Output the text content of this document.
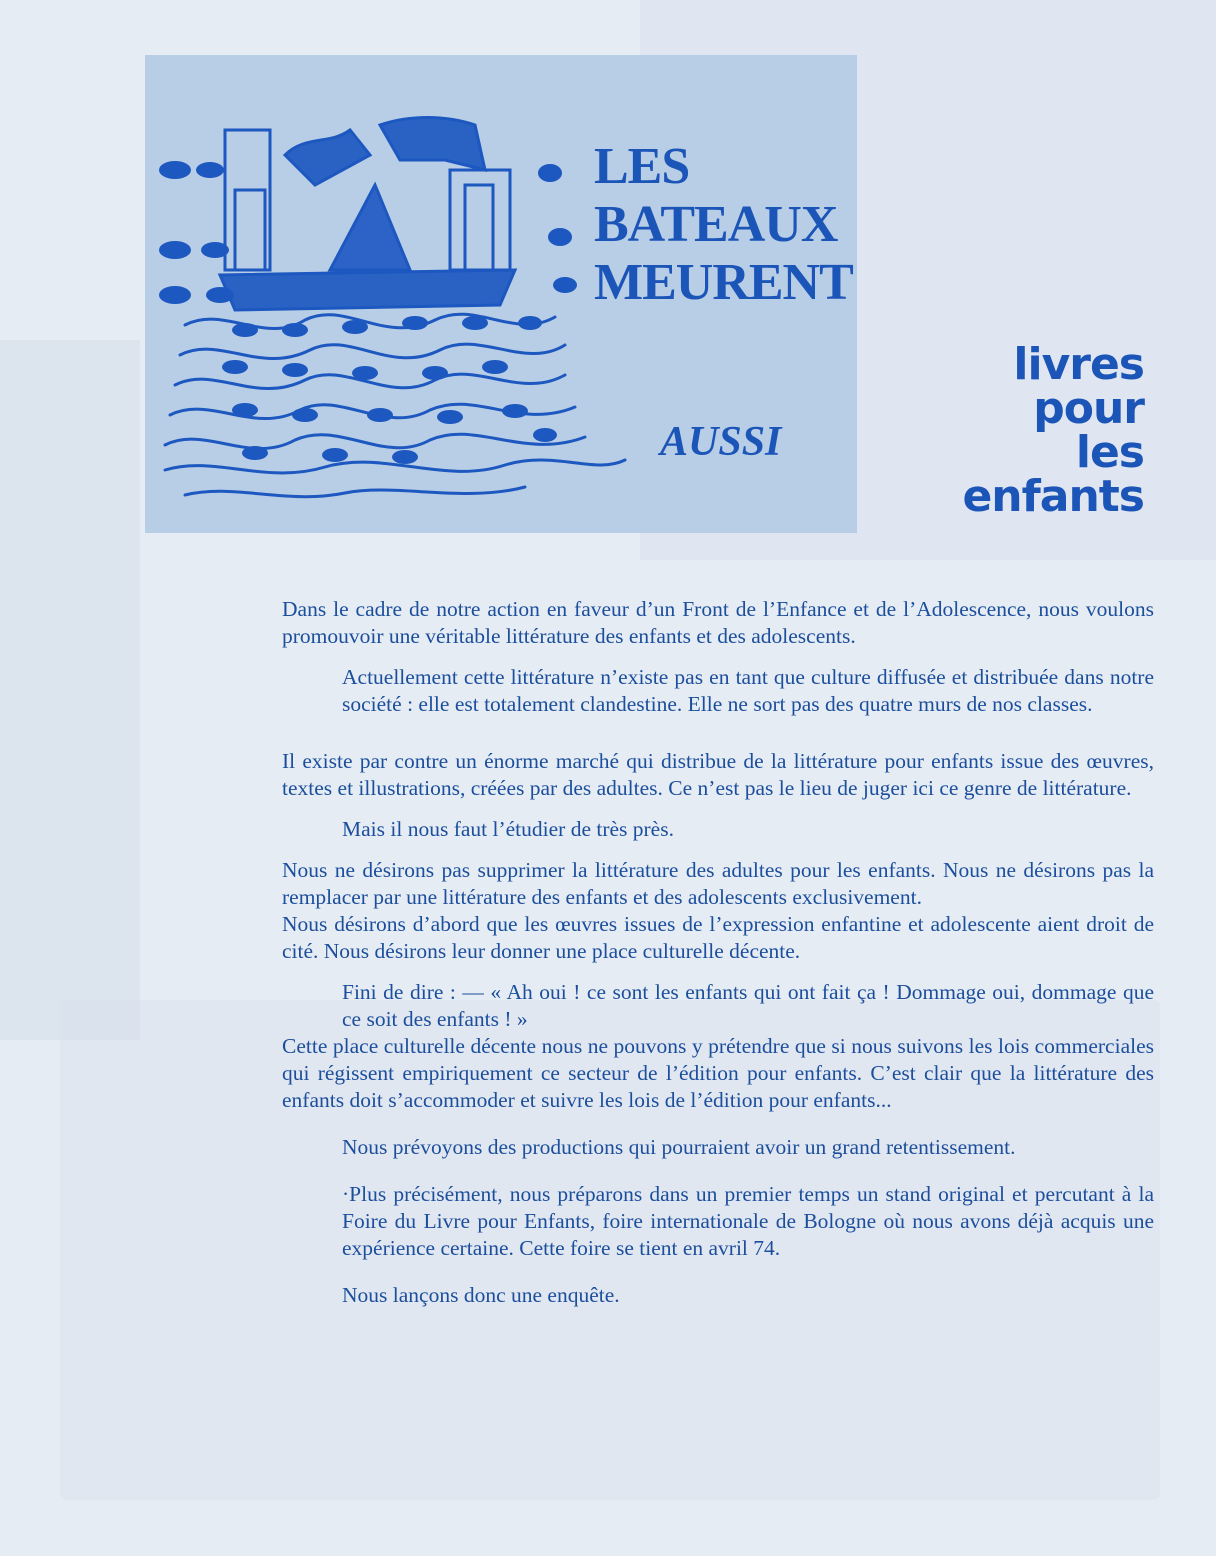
LES
BATEAUX
MEURENT
AUSSI
livres
pour
les
enfants

Dans le cadre de notre action en faveur d’un Front de l’Enfance et de l’Adolescence, nous voulons promouvoir une véritable littérature des enfants et des adolescents.

Actuellement cette littérature n’existe pas en tant que culture diffusée et distribuée dans notre société : elle est totalement clandestine. Elle ne sort pas des quatre murs de nos classes.

Il existe par contre un énorme marché qui distribue de la littérature pour enfants issue des œuvres, textes et illustrations, créées par des adultes. Ce n’est pas le lieu de juger ici ce genre de littérature.

Mais il nous faut l’étudier de très près.

Nous ne désirons pas supprimer la littérature des adultes pour les enfants. Nous ne désirons pas la remplacer par une littérature des enfants et des adolescents exclusivement.

Nous désirons d’abord que les œuvres issues de l’expression enfantine et adolescente aient droit de cité. Nous désirons leur donner une place culturelle décente.

Fini de dire : — « Ah oui ! ce sont les enfants qui ont fait ça ! Dommage oui, dommage que ce soit des enfants ! »

Cette place culturelle décente nous ne pouvons y prétendre que si nous suivons les lois commerciales qui régissent empiriquement ce secteur de l’édition pour enfants. C’est clair que la littérature des enfants doit s’accommoder et suivre les lois de l’édition pour enfants...

Nous prévoyons des productions qui pourraient avoir un grand retentissement.

·Plus précisément, nous préparons dans un premier temps un stand original et percutant à la Foire du Livre pour Enfants, foire internationale de Bologne où nous avons déjà acquis une expérience certaine. Cette foire se tient en avril 74.

Nous lançons donc une enquête.
